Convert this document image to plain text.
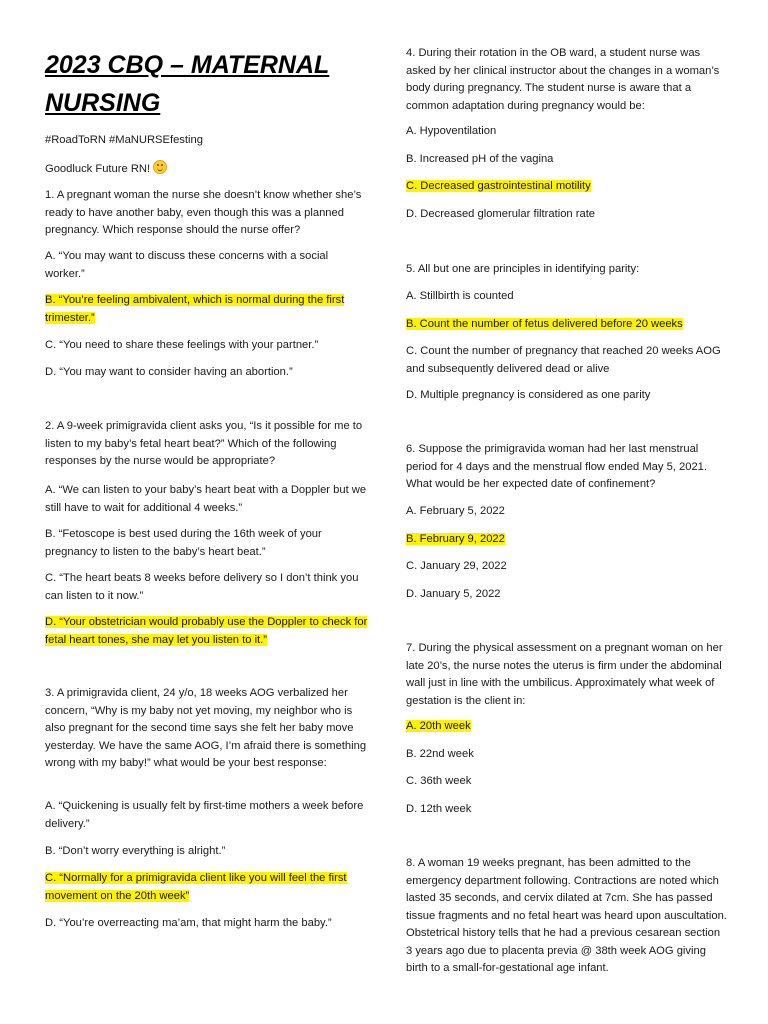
2023 CBQ – MATERNAL NURSING

#RoadToRN #MaNURSEfesting

Goodluck Future RN!

1. A pregnant woman the nurse she doesn’t know whether she’s ready to have another baby, even though this was a planned pregnancy. Which response should the nurse offer?

A. “You may want to discuss these concerns with a social worker.”

B. “You’re feeling ambivalent, which is normal during the first trimester.”

C. “You need to share these feelings with your partner.”

D. “You may want to consider having an abortion.”

2. A 9-week primigravida client asks you, “Is it possible for me to listen to my baby’s fetal heart beat?” Which of the following responses by the nurse would be appropriate?

A. “We can listen to your baby’s heart beat with a Doppler but we still have to wait for additional 4 weeks.”

B. “Fetoscope is best used during the 16th week of your pregnancy to listen to the baby’s heart beat.”

C. “The heart beats 8 weeks before delivery so I don’t think you can listen to it now.”

D. “Your obstetrician would probably use the Doppler to check for fetal heart tones, she may let you listen to it.”

3. A primigravida client, 24 y/o, 18 weeks AOG verbalized her concern, “Why is my baby not yet moving, my neighbor who is also pregnant for the second time says she felt her baby move yesterday. We have the same AOG, I’m afraid there is something wrong with my baby!” what would be your best response:

A. “Quickening is usually felt by first-time mothers a week before delivery.”

B. “Don’t worry everything is alright.”

C. “Normally for a primigravida client like you will feel the first movement on the 20th week”

D. “You’re overreacting ma’am, that might harm the baby.”

4. During their rotation in the OB ward, a student nurse was asked by her clinical instructor about the changes in a woman’s body during pregnancy. The student nurse is aware that a common adaptation during pregnancy would be:

A. Hypoventilation

B. Increased pH of the vagina

C. Decreased gastrointestinal motility

D. Decreased glomerular filtration rate

5. All but one are principles in identifying parity:

A. Stillbirth is counted

B. Count the number of fetus delivered before 20 weeks

C. Count the number of pregnancy that reached 20 weeks AOG and subsequently delivered dead or alive

D. Multiple pregnancy is considered as one parity

6. Suppose the primigravida woman had her last menstrual period for 4 days and the menstrual flow ended May 5, 2021. What would be her expected date of confinement?

A. February 5, 2022

B. February 9, 2022

C. January 29, 2022

D. January 5, 2022

7. During the physical assessment on a pregnant woman on her late 20’s, the nurse notes the uterus is firm under the abdominal wall just in line with the umbilicus. Approximately what week of gestation is the client in:

A. 20th week

B. 22nd week

C. 36th week

D. 12th week

8. A woman 19 weeks pregnant, has been admitted to the emergency department following. Contractions are noted which lasted 35 seconds, and cervix dilated at 7cm. She has passed tissue fragments and no fetal heart was heard upon auscultation. Obstetrical history tells that he had a previous cesarean section 3 years ago due to placenta previa @ 38th week AOG giving birth to a small-for-gestational age infant.
